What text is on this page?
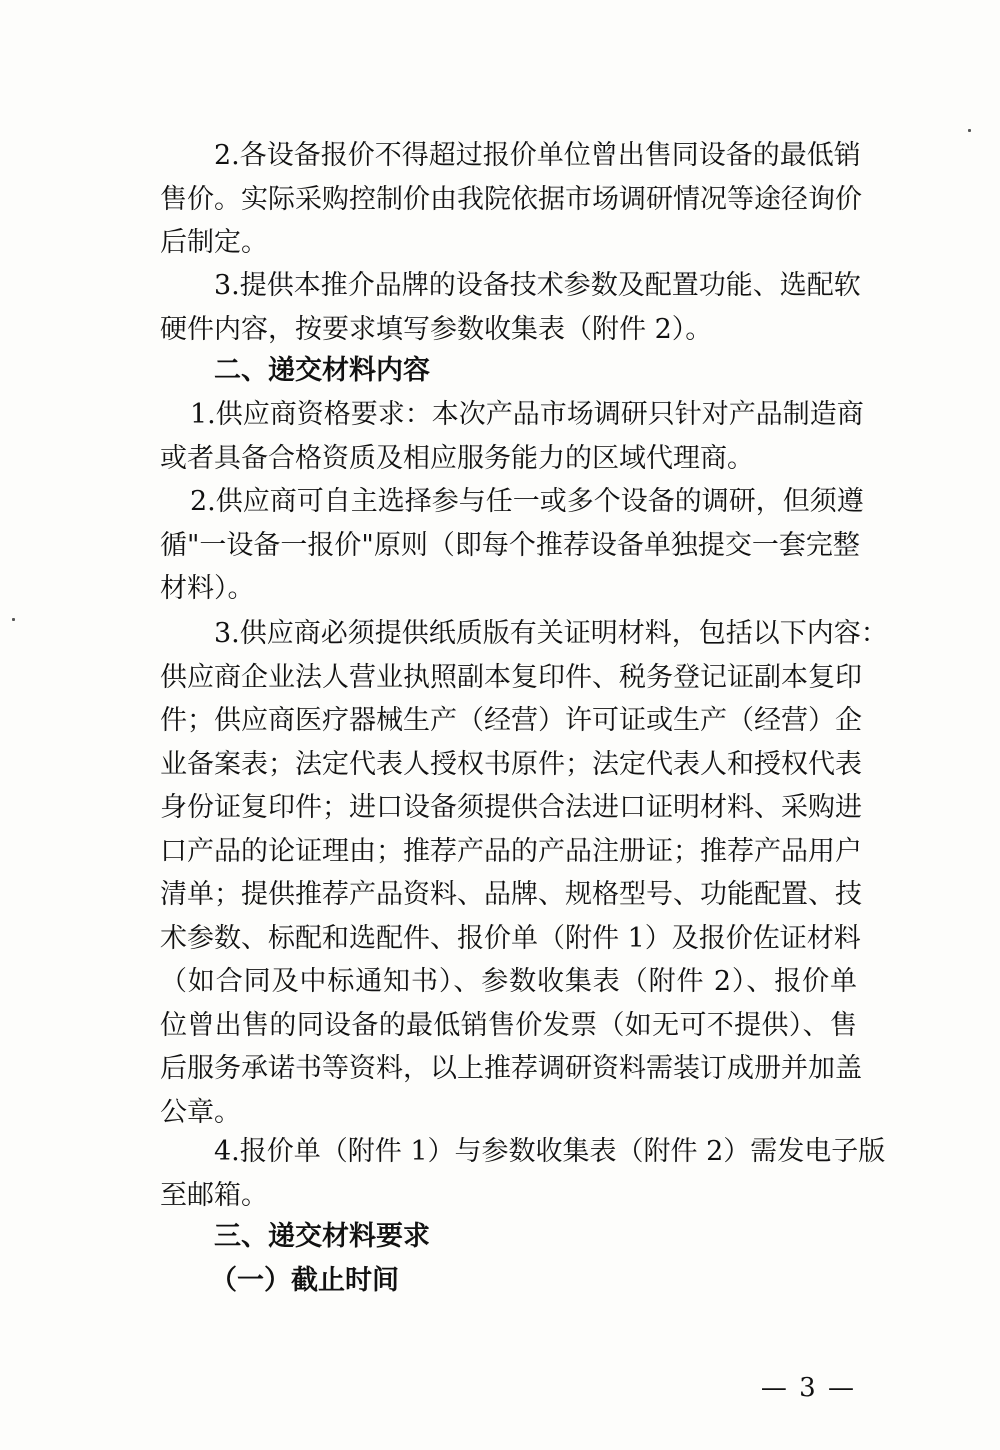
2.各设备报价不得超过报价单位曾出售同设备的最低销
售价。实际采购控制价由我院依据市场调研情况等途径询价
后制定。
3.提供本推介品牌的设备技术参数及配置功能、选配软
硬件内容，按要求填写参数收集表（附件 2）。
二、递交材料内容
1.供应商资格要求：本次产品市场调研只针对产品制造商
或者具备合格资质及相应服务能力的区域代理商。
2.供应商可自主选择参与任一或多个设备的调研，但须遵
循"一设备一报价"原则（即每个推荐设备单独提交一套完整
材料）。
3.供应商必须提供纸质版有关证明材料，包括以下内容：
供应商企业法人营业执照副本复印件、税务登记证副本复印
件；供应商医疗器械生产（经营）许可证或生产（经营）企
业备案表；法定代表人授权书原件；法定代表人和授权代表
身份证复印件；进口设备须提供合法进口证明材料、采购进
口产品的论证理由；推荐产品的产品注册证；推荐产品用户
清单；提供推荐产品资料、品牌、规格型号、功能配置、技
术参数、标配和选配件、报价单（附件 1）及报价佐证材料
（如合同及中标通知书）、参数收集表（附件 2）、报价单
位曾出售的同设备的最低销售价发票（如无可不提供）、售
后服务承诺书等资料，以上推荐调研资料需装订成册并加盖
公章。
4.报价单（附件 1）与参数收集表（附件 2）需发电子版
至邮箱。
三、递交材料要求
（一）截止时间
— 3 —
